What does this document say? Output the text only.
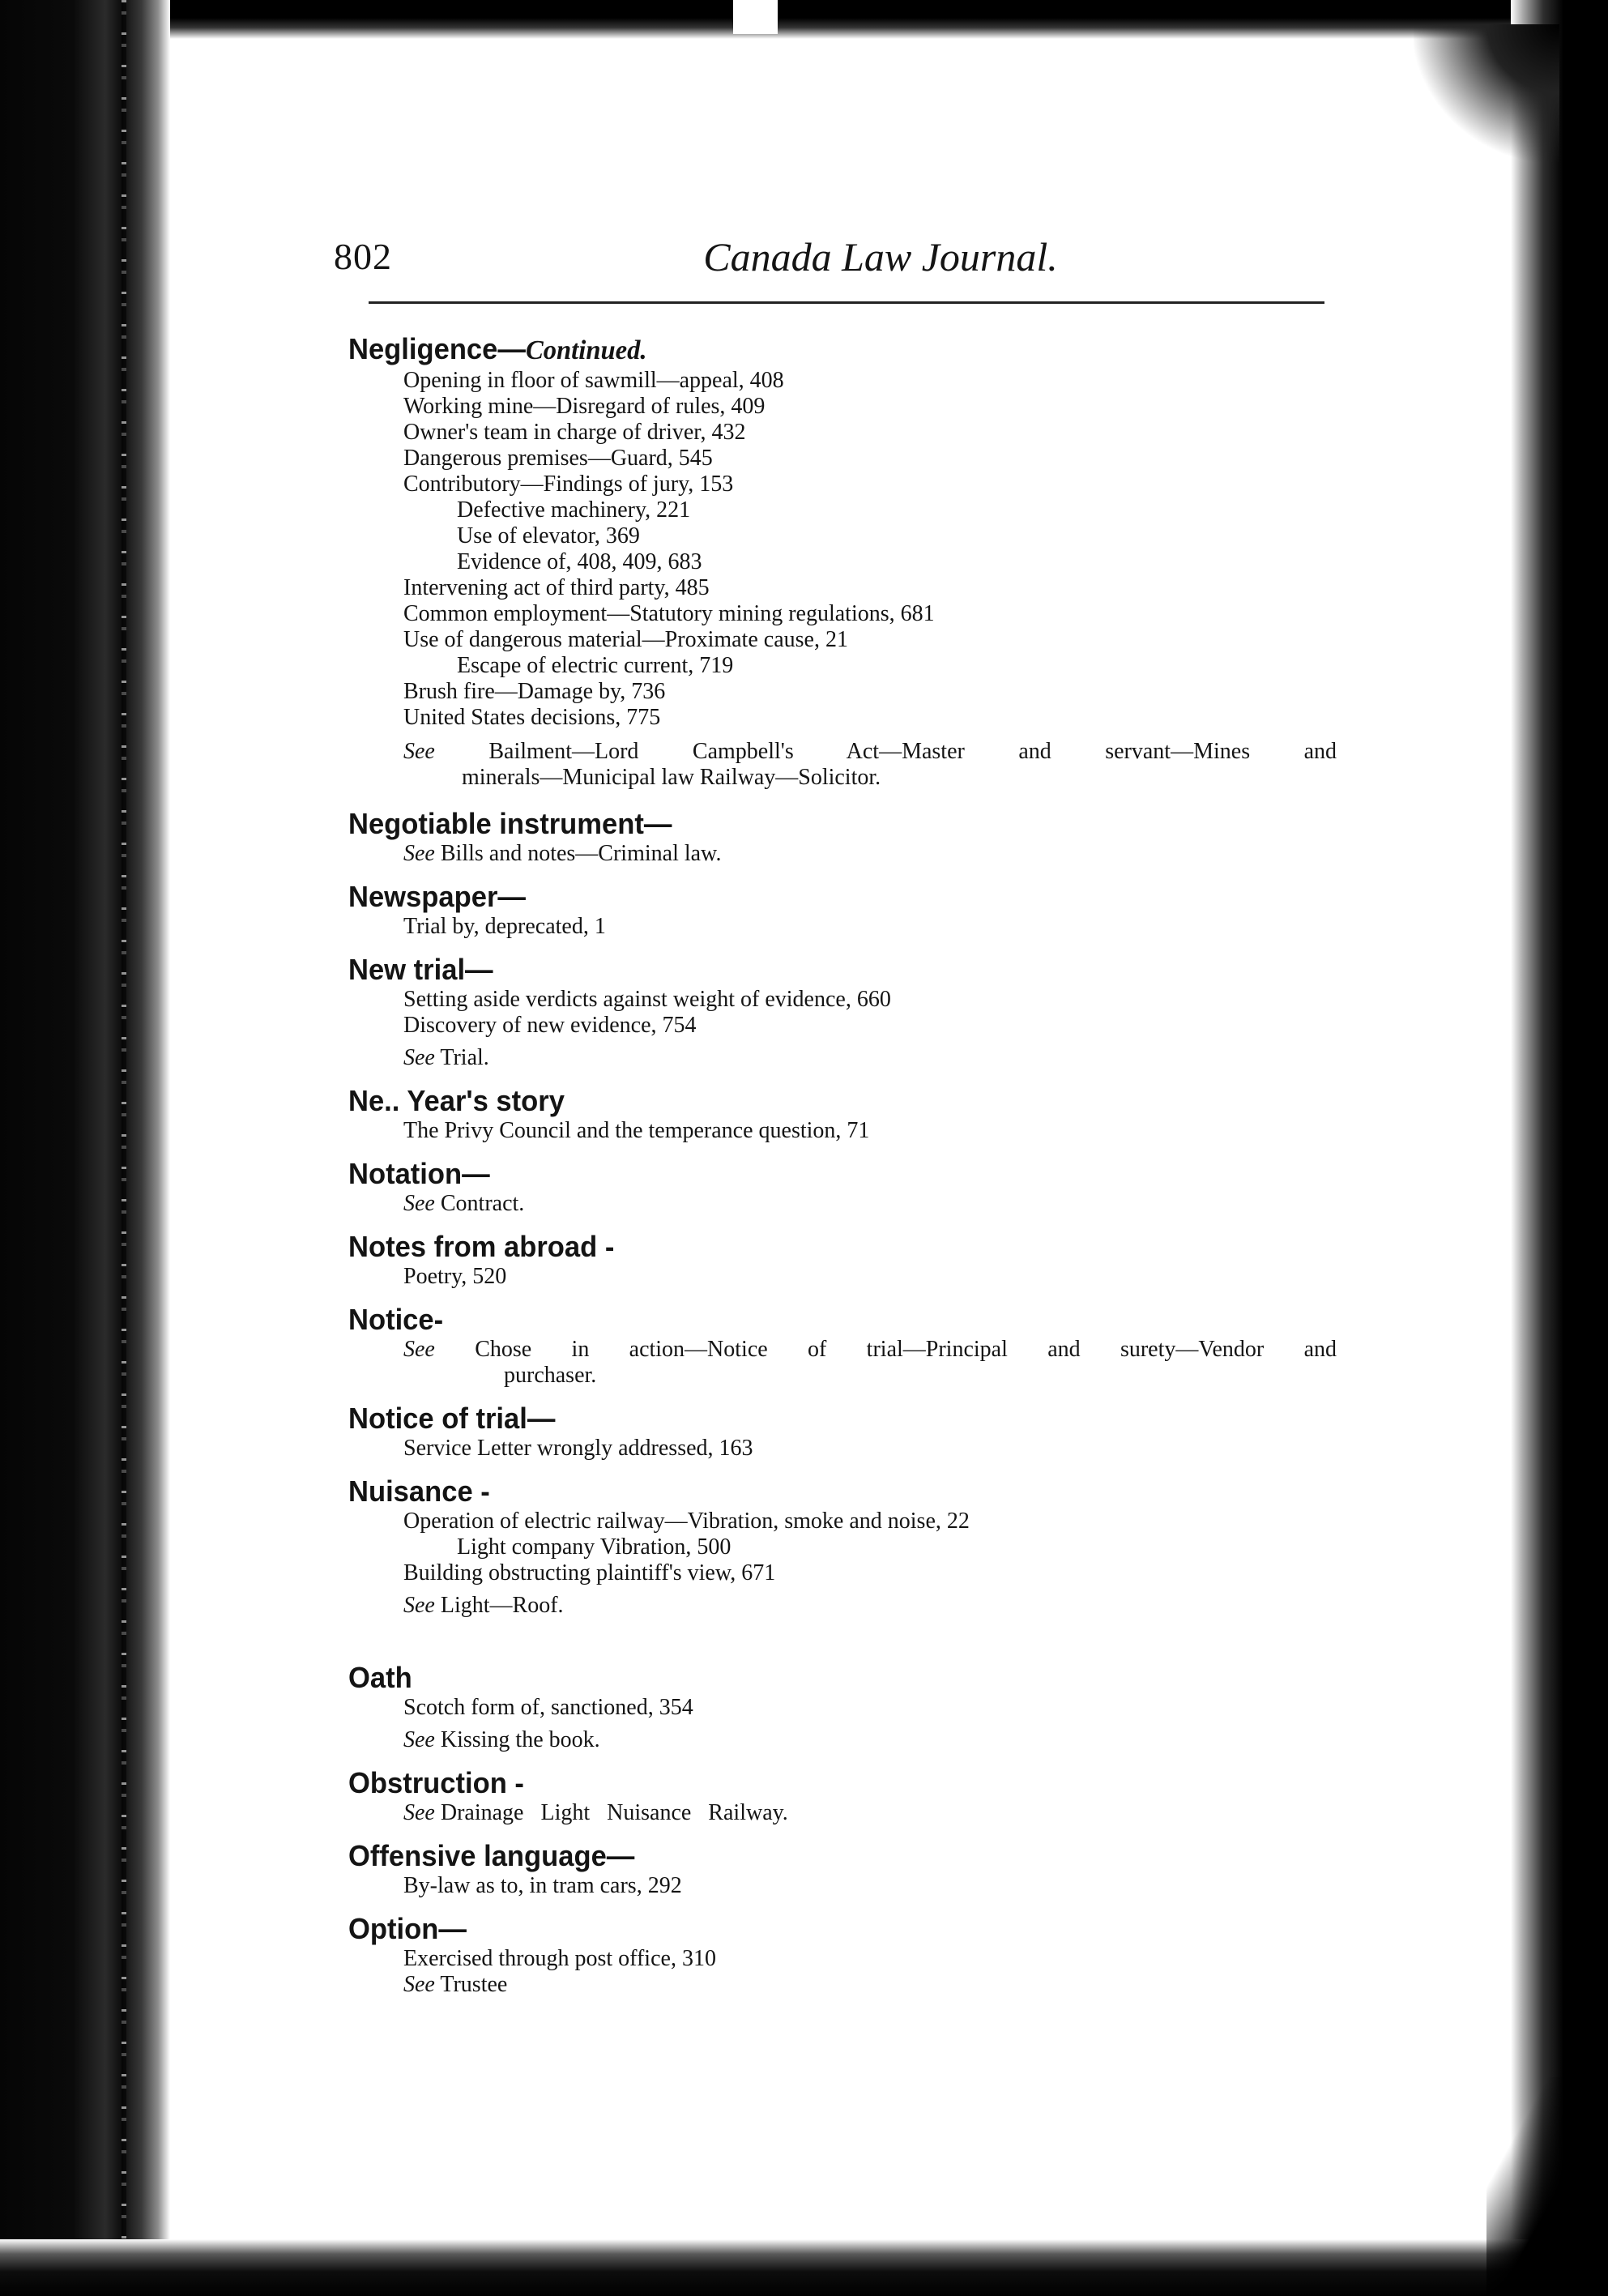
802	Canada Law Journal.
Negligence—Continued.
Opening in floor of sawmill—appeal, 408
Working mine—Disregard of rules, 409
Owner's team in charge of driver, 432
Dangerous premises—Guard, 545
Contributory—Findings of jury, 153
Defective machinery, 221
Use of elevator, 369
Evidence of, 408, 409, 683
Intervening act of third party, 485
Common employment—Statutory mining regulations, 681
Use of dangerous material—Proximate cause, 21
Escape of electric current, 719
Brush fire—Damage by, 736
United States decisions, 775
See Bailment—Lord Campbell's Act—Master and servant—Mines and
minerals—Municipal law Railway—Solicitor.
Negotiable instrument—
See Bills and notes—Criminal law.
Newspaper—
Trial by, deprecated, 1
New trial—
Setting aside verdicts against weight of evidence, 660
Discovery of new evidence, 754
See Trial.
Ne.. Year's story
The Privy Council and the temperance question, 71
Notation—
See Contract.
Notes from abroad -
Poetry, 520
Notice-
See Chose in action—Notice of trial—Principal and surety—Vendor and
purchaser.
Notice of trial—
Service Letter wrongly addressed, 163
Nuisance -
Operation of electric railway—Vibration, smoke and noise, 22
Light company Vibration, 500
Building obstructing plaintiff's view, 671
See Light—Roof.
Oath
Scotch form of, sanctioned, 354
See Kissing the book.
Obstruction -
See Drainage   Light   Nuisance   Railway.
Offensive language—
By-law as to, in tram cars, 292
Option—
Exercised through post office, 310
See Trustee
